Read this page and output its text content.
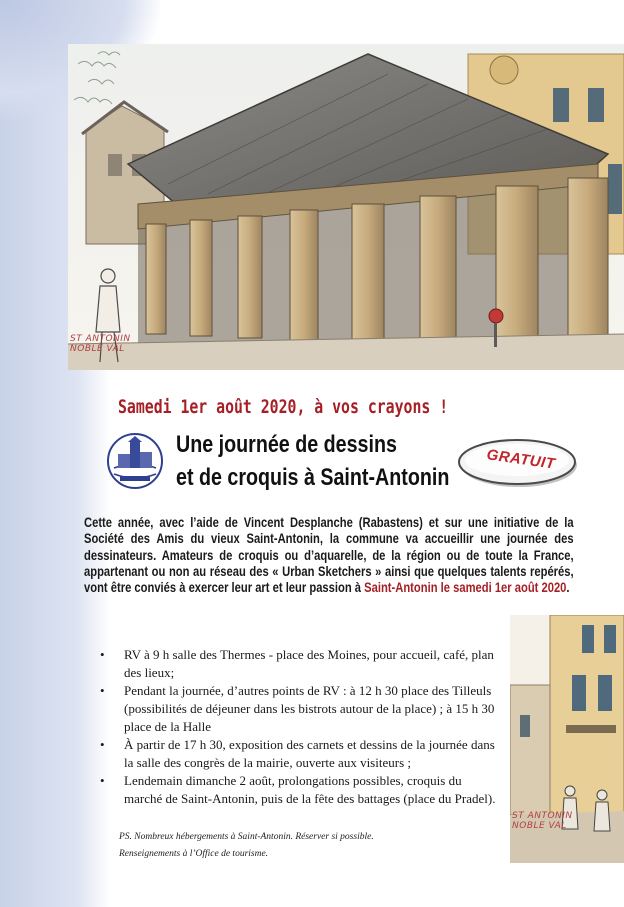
ST ANTONIN
NOBLE VAL
ST ANTONIN
NOBLE VAL

Samedi 1er août 2020, à vos crayons !

Une journée de dessins
et de croquis à Saint-Antonin
GRATUIT

Cette année, avec l’aide de Vincent Desplanche (Rabastens) et sur une initiative de la Société des Amis du vieux Saint-Antonin, la commune va accueillir une journée des dessinateurs. Amateurs de croquis ou d’aquarelle, de la région ou de toute la France, appartenant ou non au réseau des « Urban Sketchers » ainsi que quelques talents repérés, vont être conviés à exercer leur art et leur passion à Saint-Antonin le samedi 1er août 2020.

• RV à 9 h salle des Thermes - place des Moines, pour accueil, café, plan des lieux;
• Pendant la journée, d’autres points de RV : à 12 h 30 place des Tilleuls (possibilités de déjeuner dans les bistrots autour de la place) ; à 15 h 30 place de la Halle
• À partir de 17 h 30, exposition des carnets et dessins de la journée dans la salle des congrès de la mairie, ouverte aux visiteurs ;
• Lendemain dimanche 2 août, prolongations possibles, croquis du marché de Saint-Antonin, puis de la fête des battages (place du Pradel).

PS. Nombreux hébergements à Saint-Antonin. Réserver si possible.
Renseignements à l’Office de tourisme.
